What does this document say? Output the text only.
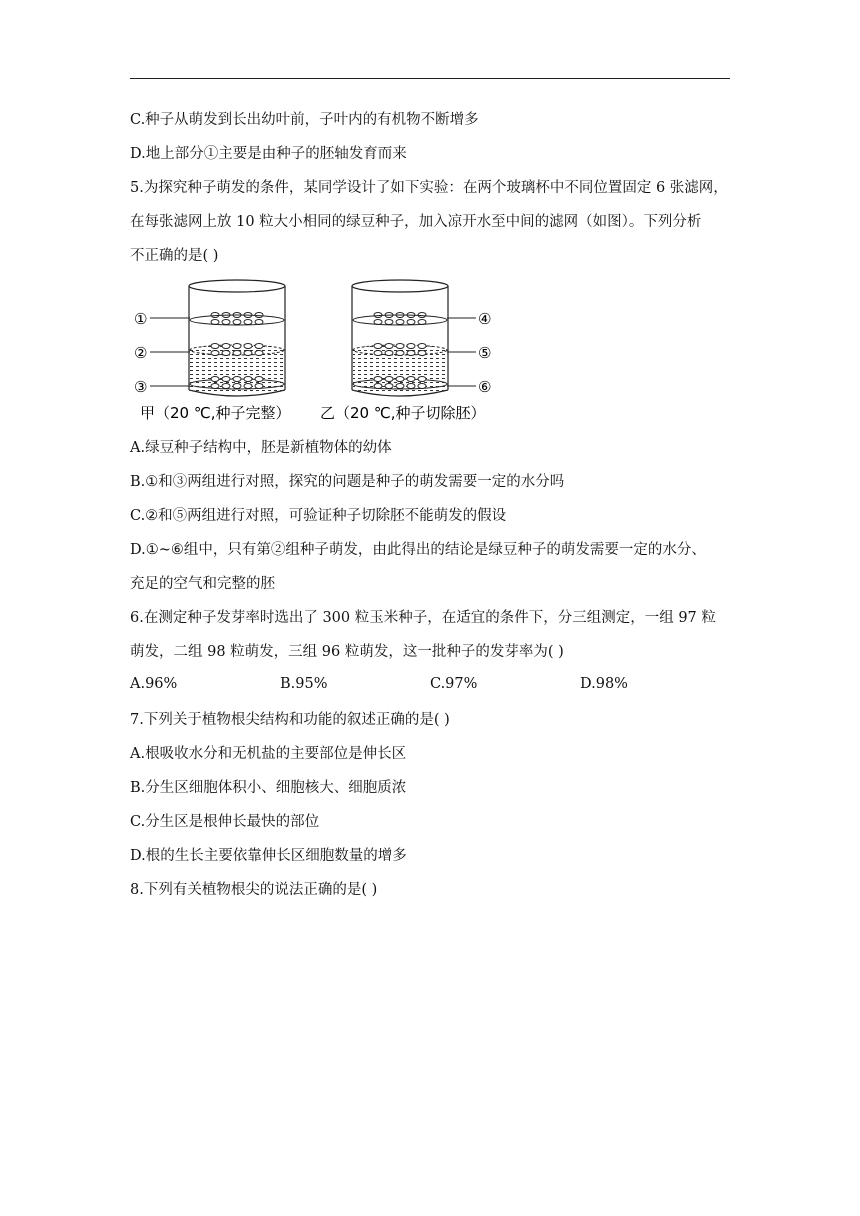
C.种子从萌发到长出幼叶前，子叶内的有机物不断增多
D.地上部分①主要是由种子的胚轴发育而来
5.为探究种子萌发的条件，某同学设计了如下实验：在两个玻璃杯中不同位置固定 6 张滤网，
在每张滤网上放 10 粒大小相同的绿豆种子，加入凉开水至中间的滤网（如图）。下列分析
不正确的是( )
①
②
③
④
⑤
⑥
甲（20 ℃,种子完整） 乙（20 ℃,种子切除胚）
A.绿豆种子结构中，胚是新植物体的幼体
B.①和③两组进行对照，探究的问题是种子的萌发需要一定的水分吗
C.②和⑤两组进行对照，可验证种子切除胚不能萌发的假设
D.①~⑥组中，只有第②组种子萌发，由此得出的结论是绿豆种子的萌发需要一定的水分、
充足的空气和完整的胚
6.在测定种子发芽率时选出了 300 粒玉米种子，在适宜的条件下，分三组测定，一组 97 粒
萌发，二组 98 粒萌发，三组 96 粒萌发，这一批种子的发芽率为( )
A.96%	B.95%	C.97%	D.98%
7.下列关于植物根尖结构和功能的叙述正确的是( )
A.根吸收水分和无机盐的主要部位是伸长区
B.分生区细胞体积小、细胞核大、细胞质浓
C.分生区是根伸长最快的部位
D.根的生长主要依靠伸长区细胞数量的增多
8.下列有关植物根尖的说法正确的是( )
